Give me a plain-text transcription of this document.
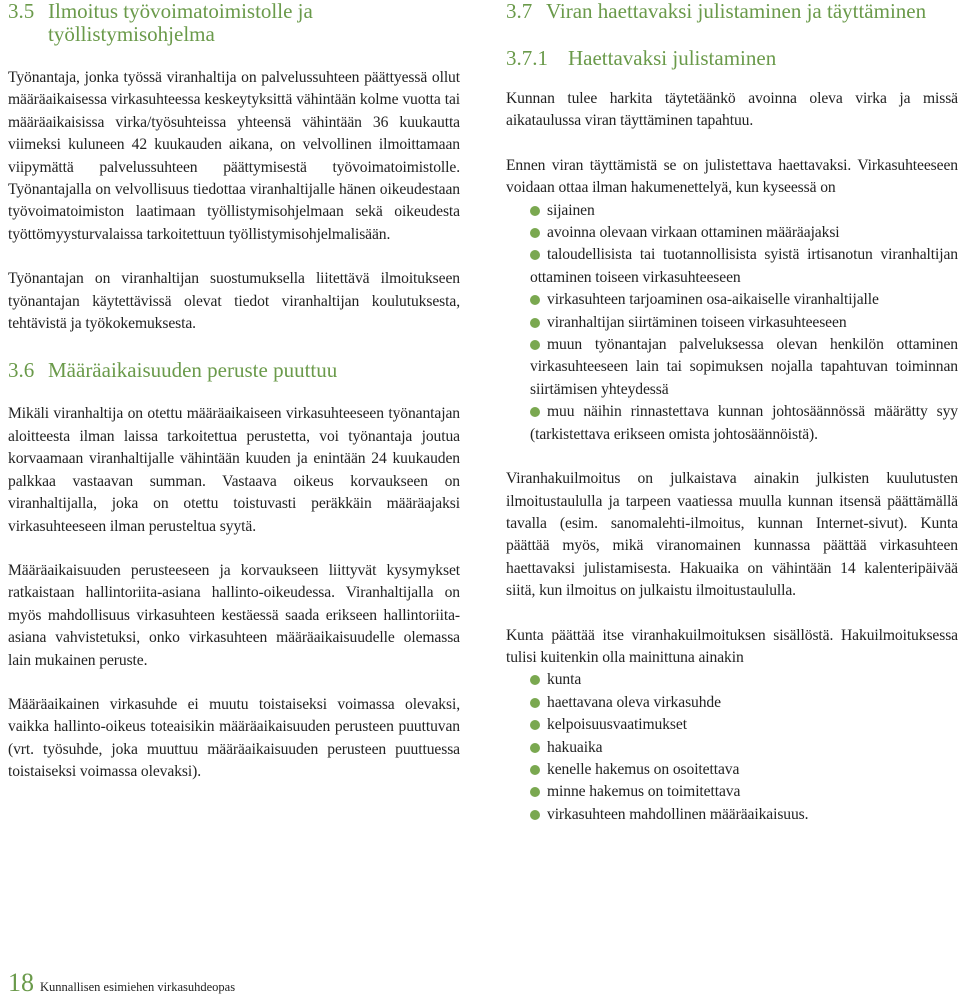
3.5 Ilmoitus työvoimatoimistolle ja työllistymisohjelma

Työnantaja, jonka työssä viranhaltija on palvelussuhteen päättyessä ollut määräaikaisessa virkasuhteessa keskeytyksittä vähintään kolme vuotta tai määräaikaisissa virka/työsuhteissa yhteensä vähintään 36 kuukautta viimeksi kuluneen 42 kuukauden aikana, on velvollinen ilmoittamaan viipymättä palvelussuhteen päättymisestä työvoimatoimistolle. Työnantajalla on velvollisuus tiedottaa viranhaltijalle hänen oikeudestaan työvoimatoimiston laatimaan työllistymisohjelmaan sekä oikeudesta työttömyysturvalaissa tarkoitettuun työllistymisohjelmalisään.

Työnantajan on viranhaltijan suostumuksella liitettävä ilmoitukseen työnantajan käytettävissä olevat tiedot viranhaltijan koulutuksesta, tehtävistä ja työkokemuksesta.

3.6 Määräaikaisuuden peruste puuttuu

Mikäli viranhaltija on otettu määräaikaiseen virkasuhteeseen työnantajan aloitteesta ilman laissa tarkoitettua perustetta, voi työnantaja joutua korvaamaan viranhaltijalle vähintään kuuden ja enintään 24 kuukauden palkkaa vastaavan summan. Vastaava oikeus korvaukseen on viranhaltijalla, joka on otettu toistuvasti peräkkäin määräajaksi virkasuhteeseen ilman perusteltua syytä.

Määräaikaisuuden perusteeseen ja korvaukseen liittyvät kysymykset ratkaistaan hallintoriita-asiana hallinto-oikeudessa. Viranhaltijalla on myös mahdollisuus virkasuhteen kestäessä saada erikseen hallintoriita-asiana vahvistetuksi, onko virkasuhteen määräaikaisuudelle olemassa lain mukainen peruste.

Määräaikainen virkasuhde ei muutu toistaiseksi voimassa olevaksi, vaikka hallinto-oikeus toteaisikin määräaikaisuuden perusteen puuttuvan (vrt. työsuhde, joka muuttuu määräaikaisuuden perusteen puuttuessa toistaiseksi voimassa olevaksi).

3.7 Viran haettavaksi julistaminen ja täyttäminen
3.7.1 Haettavaksi julistaminen

Kunnan tulee harkita täytetäänkö avoinna oleva virka ja missä aikataulussa viran täyttäminen tapahtuu.

Ennen viran täyttämistä se on julistettava haettavaksi. Virkasuhteeseen voidaan ottaa ilman hakumenettelyä, kun kyseessä on

sijainen
avoinna olevaan virkaan ottaminen määräajaksi
taloudellisista tai tuotannollisista syistä irtisanotun viranhaltijan ottaminen toiseen virkasuhteeseen
virkasuhteen tarjoaminen osa-aikaiselle viranhaltijalle
viranhaltijan siirtäminen toiseen virkasuhteeseen
muun työnantajan palveluksessa olevan henkilön ottaminen virkasuhteeseen lain tai sopimuksen nojalla tapahtuvan toiminnan siirtämisen yhteydessä
muu näihin rinnastettava kunnan johtosäännössä määrätty syy (tarkistettava erikseen omista johtosäännöistä).

Viranhakuilmoitus on julkaistava ainakin julkisten kuulutusten ilmoitustaululla ja tarpeen vaatiessa muulla kunnan itsensä päättämällä tavalla (esim. sanomalehti-ilmoitus, kunnan Internet-sivut). Kunta päättää myös, mikä viranomainen kunnassa päättää virkasuhteen haettavaksi julistamisesta. Hakuaika on vähintään 14 kalenteripäivää siitä, kun ilmoitus on julkaistu ilmoitustaululla.

Kunta päättää itse viranhakuilmoituksen sisällöstä. Hakuilmoituksessa tulisi kuitenkin olla mainittuna ainakin

kunta
haettavana oleva virkasuhde
kelpoisuusvaatimukset
hakuaika
kenelle hakemus on osoitettava
minne hakemus on toimitettava
virkasuhteen mahdollinen määräaikaisuus.
18 Kunnallisen esimiehen virkasuhdeopas
